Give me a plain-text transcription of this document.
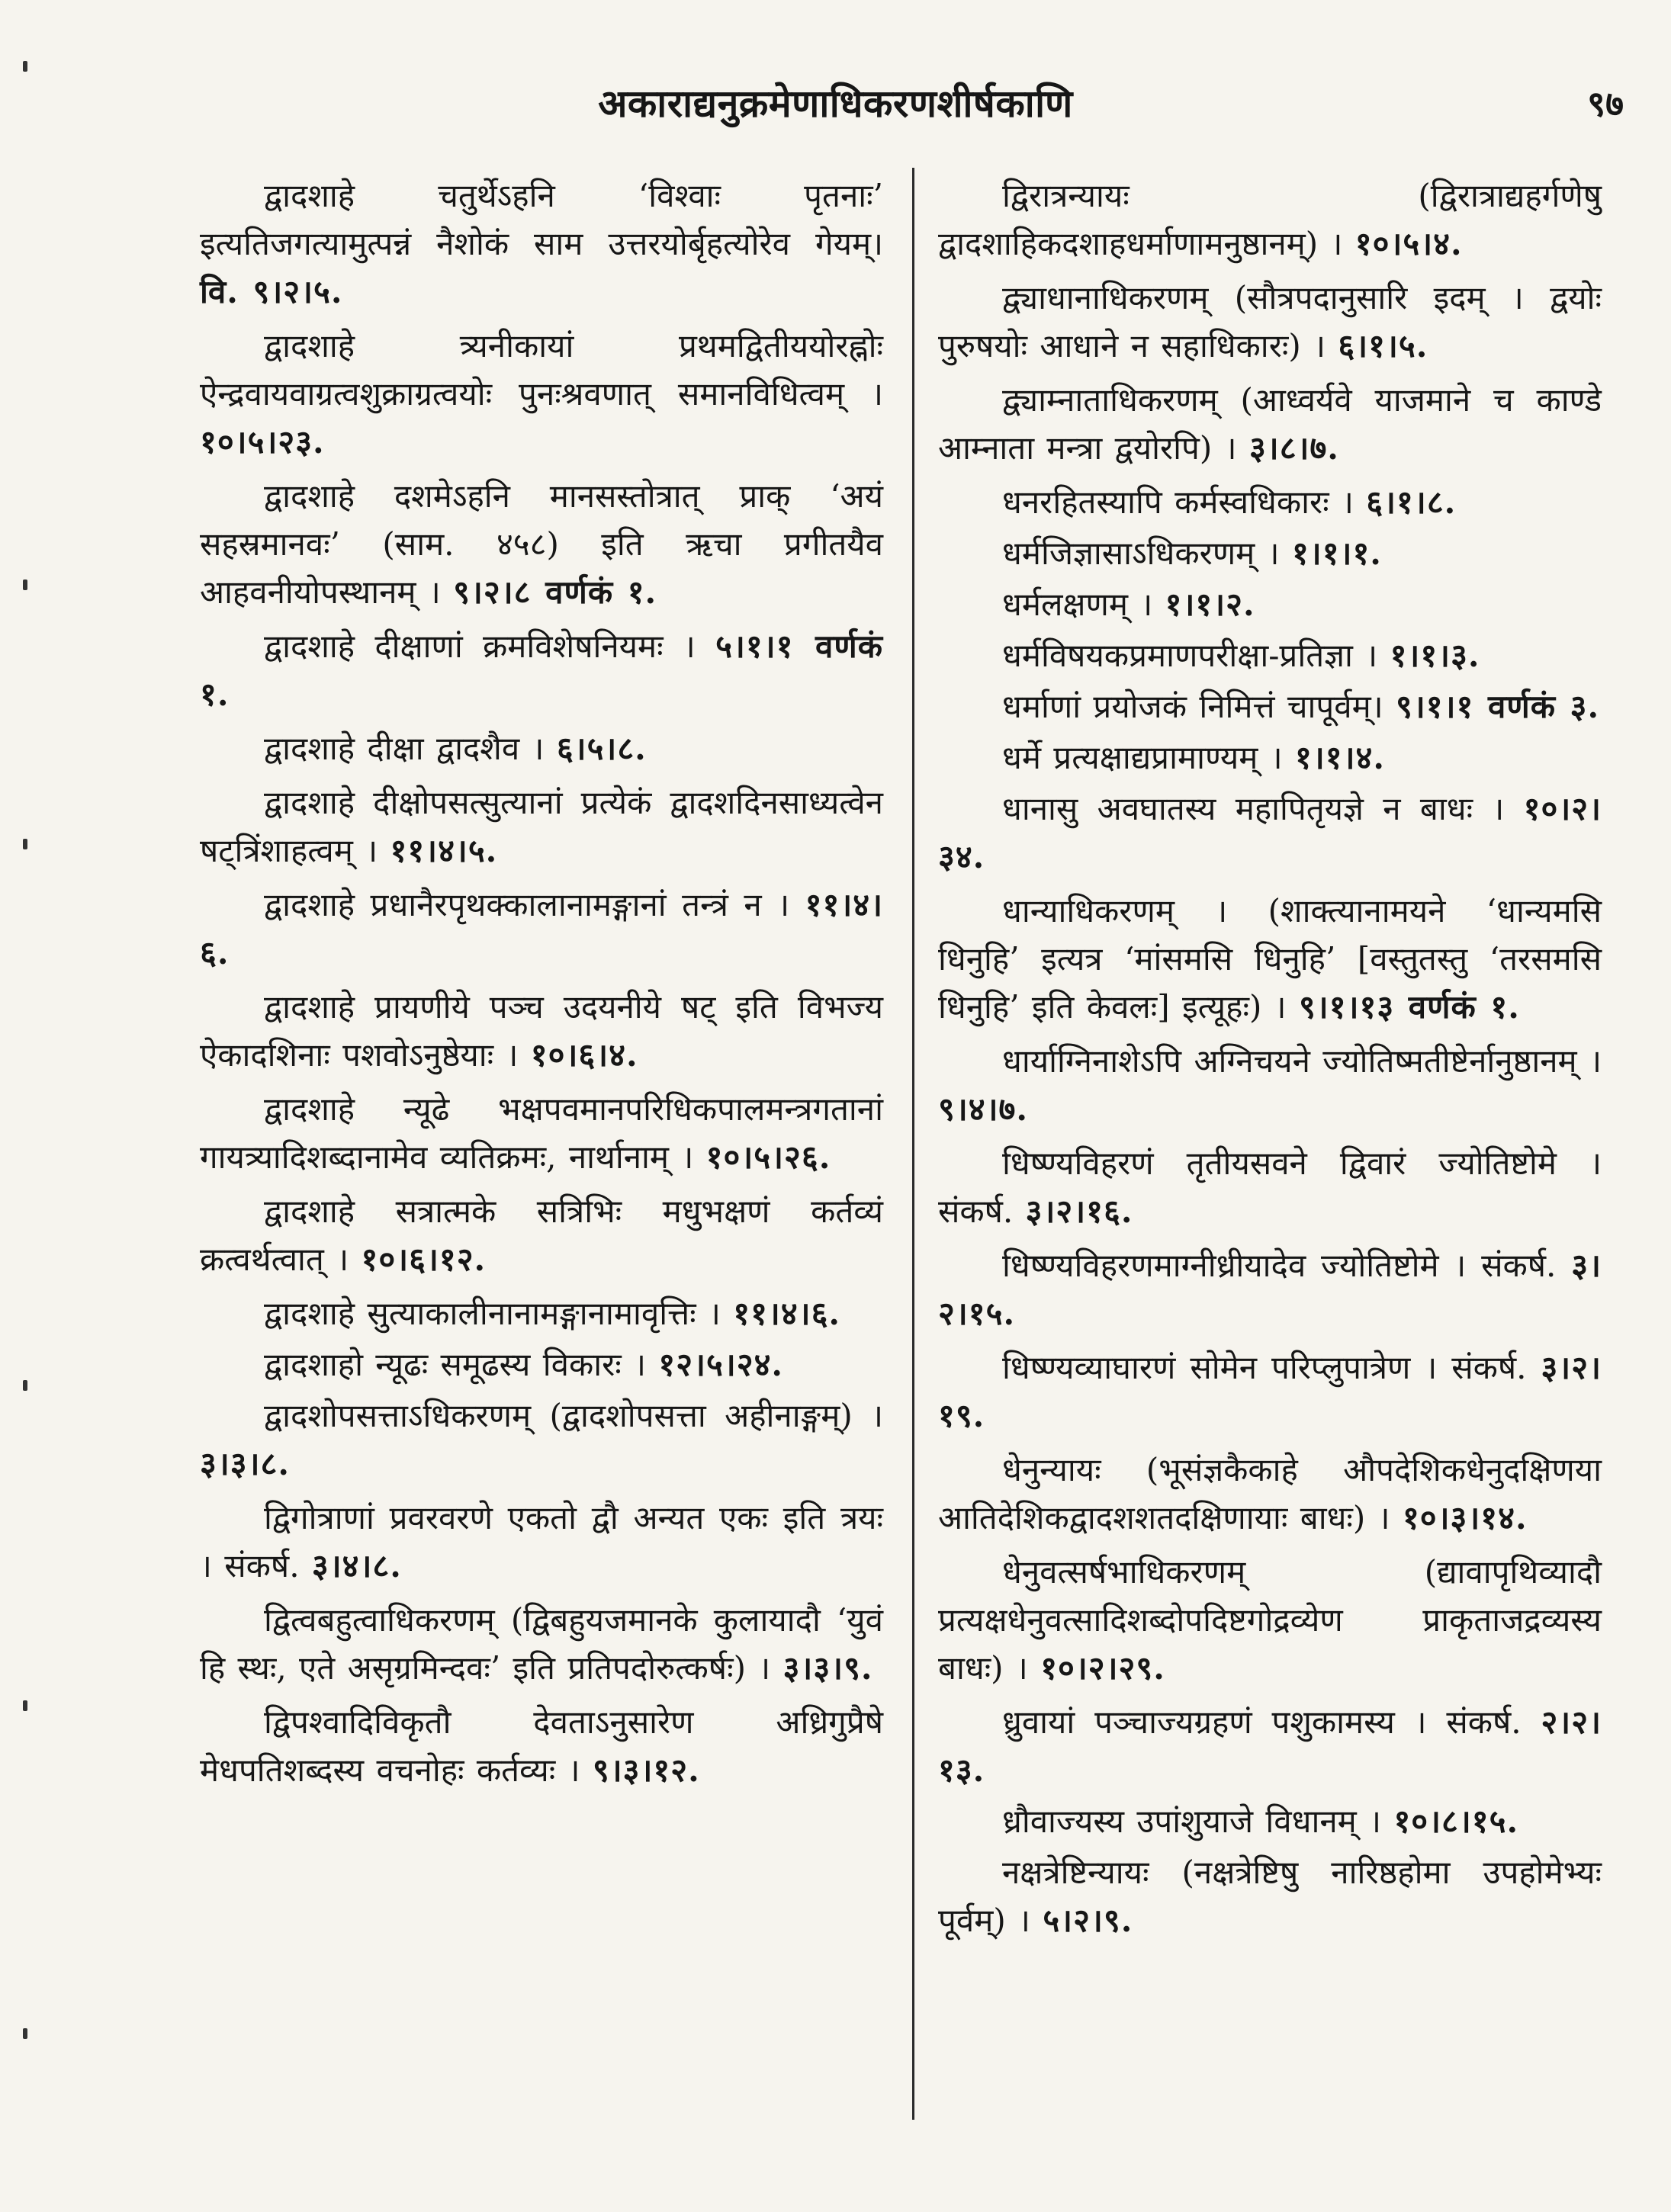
अकाराद्यनुक्रमेणाधिकरणशीर्षकाणि	९७

द्वादशाहे चतुर्थेऽहनि ‘विश्वाः पृतनाः’ इत्यतिजगत्यामुत्पन्नं नैशोकं साम उत्तरयोर्बृहत्योरेव गेयम्। वि. ९।२।५.

द्वादशाहे त्र्यनीकायां प्रथमद्वितीययोरह्नोः ऐन्द्रवायवाग्रत्वशुक्राग्रत्वयोः पुनःश्रवणात् समानविधित्वम् । १०।५।२३.

द्वादशाहे दशमेऽहनि मानसस्तोत्रात् प्राक् ‘अयं सहस्रमानवः’ (साम. ४५८) इति ऋचा प्रगीतयैव आहवनीयोपस्थानम् । ९।२।८ वर्णकं १.

द्वादशाहे दीक्षाणां क्रमविशेषनियमः । ५।१।१ वर्णकं १.

द्वादशाहे दीक्षा द्वादशैव । ६।५।८.

द्वादशाहे दीक्षोपसत्सुत्यानां प्रत्येकं द्वादशदिनसाध्यत्वेन षट्त्रिंशाहत्वम् । ११।४।५.

द्वादशाहे प्रधानैरपृथक्कालानामङ्गानां तन्त्रं न । ११।४।६.

द्वादशाहे प्रायणीये पञ्च उदयनीये षट् इति विभज्य ऐकादशिनाः पशवोऽनुष्ठेयाः । १०।६।४.

द्वादशाहे न्यूढे भक्षपवमानपरिधिकपालमन्त्रगतानां गायत्र्यादिशब्दानामेव व्यतिक्रमः, नार्थानाम् । १०।५।२६.

द्वादशाहे सत्रात्मके सत्रिभिः मधुभक्षणं कर्तव्यं क्रत्वर्थत्वात् । १०।६।१२.

द्वादशाहे सुत्याकालीनानामङ्गानामावृत्तिः । ११।४।६.

द्वादशाहो न्यूढः समूढस्य विकारः । १२।५।२४.

द्वादशोपसत्ताऽधिकरणम् (द्वादशोपसत्ता अहीनाङ्गम्) । ३।३।८.

द्विगोत्राणां प्रवरवरणे एकतो द्वौ अन्यत एकः इति त्रयः । संकर्ष. ३।४।८.

द्वित्वबहुत्वाधिकरणम् (द्विबहुयजमानके कुलायादौ ‘युवं हि स्थः, एते असृग्रमिन्दवः’ इति प्रतिपदोरुत्कर्षः) । ३।३।९.

द्विपश्वादिविकृतौ देवताऽनुसारेण अध्रिगुप्रैषे मेधपतिशब्दस्य वचनोहः कर्तव्यः । ९।३।१२.

द्विरात्रन्यायः (द्विरात्राद्यहर्गणेषु द्वादशाहिकदशाहधर्माणामनुष्ठानम्) । १०।५।४.

द्व्याधानाधिकरणम् (सौत्रपदानुसारि इदम् । द्वयोः पुरुषयोः आधाने न सहाधिकारः) । ६।१।५.

द्व्याम्नाताधिकरणम् (आध्वर्यवे याजमाने च काण्डे आम्नाता मन्त्रा द्वयोरपि) । ३।८।७.

धनरहितस्यापि कर्मस्वधिकारः । ६।१।८.

धर्मजिज्ञासाऽधिकरणम् । १।१।१.

धर्मलक्षणम् । १।१।२.

धर्मविषयकप्रमाणपरीक्षा-प्रतिज्ञा । १।१।३.

धर्माणां प्रयोजकं निमित्तं चापूर्वम्। ९।१।१ वर्णकं ३.

धर्मे प्रत्यक्षाद्यप्रामाण्यम् । १।१।४.

धानासु अवघातस्य महापितृयज्ञे न बाधः । १०।२।३४.

धान्याधिकरणम् । (शाक्त्यानामयने ‘धान्यमसि धिनुहि’ इत्यत्र ‘मांसमसि धिनुहि’ [वस्तुतस्तु ‘तरसमसि धिनुहि’ इति केवलः] इत्यूहः) । ९।१।१३ वर्णकं १.

धार्याग्निनाशेऽपि अग्निचयने ज्योतिष्मतीष्टेर्नानुष्ठानम् । ९।४।७.

धिष्ण्यविहरणं तृतीयसवने द्विवारं ज्योतिष्टोमे । संकर्ष. ३।२।१६.

धिष्ण्यविहरणमाग्नीध्रीयादेव ज्योतिष्टोमे । संकर्ष. ३।२।१५.

धिष्ण्यव्याघारणं सोमेन परिप्लुपात्रेण । संकर्ष. ३।२।१९.

धेनुन्यायः (भूसंज्ञकैकाहे औपदेशिकधेनुदक्षिणया आतिदेशिकद्वादशशतदक्षिणायाः बाधः) । १०।३।१४.

धेनुवत्सर्षभाधिकरणम् (द्यावापृथिव्यादौ प्रत्यक्षधेनुवत्सादिशब्दोपदिष्टगोद्रव्येण प्राकृताजद्रव्यस्य बाधः) । १०।२।२९.

ध्रुवायां पञ्चाज्यग्रहणं पशुकामस्य । संकर्ष. २।२।१३.

ध्रौवाज्यस्य उपांशुयाजे विधानम् । १०।८।१५.

नक्षत्रेष्टिन्यायः (नक्षत्रेष्टिषु नारिष्ठहोमा उपहोमेभ्यः पूर्वम्) । ५।२।९.
